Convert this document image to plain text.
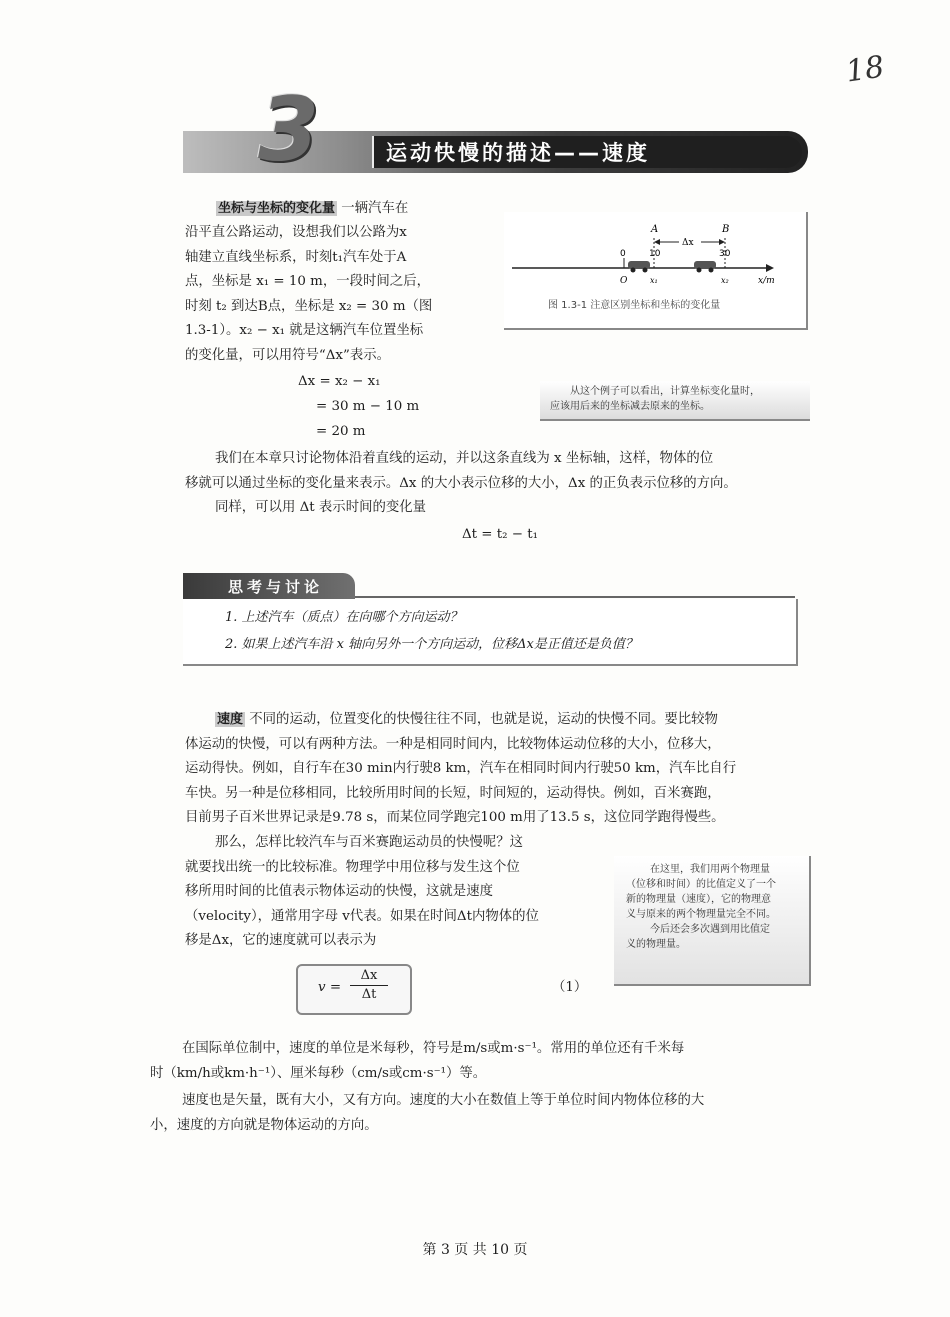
18
3	运动快慢的描述——速度
坐标与坐标的变化量 一辆汽车在
沿平直公路运动，设想我们以公路为x
轴建立直线坐标系，时刻t₁汽车处于A
点，坐标是 x₁ = 10 m，一段时间之后，
时刻 t₂ 到达B点，坐标是 x₂ = 30 m（图
1.3-1）。x₂ − x₁ 就是这辆汽车位置坐标
的变化量，可以用符号“Δx”表示。
Δx = x₂ − x₁
= 30 m − 10 m
= 20 m
A	B
Δx
0	10	30
O	x₁	x₂	x/m
图 1.3-1 注意区别坐标和坐标的变化量
从这个例子可以看出，计算坐标变化量时，
应该用后来的坐标减去原来的坐标。
我们在本章只讨论物体沿着直线的运动，并以这条直线为 x 坐标轴，这样，物体的位
移就可以通过坐标的变化量来表示。Δx 的大小表示位移的大小，Δx 的正负表示位移的方向。
同样，可以用 Δt 表示时间的变化量
Δt = t₂ − t₁
思考与讨论
1. 上述汽车（质点）在向哪个方向运动？
2. 如果上述汽车沿 x 轴向另外一个方向运动，位移Δx是正值还是负值？
速度 不同的运动，位置变化的快慢往往不同，也就是说，运动的快慢不同。要比较物
体运动的快慢，可以有两种方法。一种是相同时间内，比较物体运动位移的大小，位移大，
运动得快。例如，自行车在30 min内行驶8 km，汽车在相同时间内行驶50 km，汽车比自行
车快。另一种是位移相同，比较所用时间的长短，时间短的，运动得快。例如，百米赛跑，
目前男子百米世界记录是9.78 s，而某位同学跑完100 m用了13.5 s，这位同学跑得慢些。
那么，怎样比较汽车与百米赛跑运动员的快慢呢？这
就要找出统一的比较标准。物理学中用位移与发生这个位
移所用时间的比值表示物体运动的快慢，这就是速度
（velocity），通常用字母 v代表。如果在时间Δt内物体的位
移是Δx，它的速度就可以表示为
$v = \frac{\Delta x}{\Delta t}$	（1）
在这里，我们用两个物理量
（位移和时间）的比值定义了一个
新的物理量（速度），它的物理意
义与原来的两个物理量完全不同。
今后还会多次遇到用比值定
义的物理量。
在国际单位制中，速度的单位是米每秒，符号是m/s或m·s⁻¹。常用的单位还有千米每
时（km/h或km·h⁻¹）、厘米每秒（cm/s或cm·s⁻¹）等。
速度也是矢量，既有大小，又有方向。速度的大小在数值上等于单位时间内物体位移的大
小，速度的方向就是物体运动的方向。
第 3 页 共 10 页
